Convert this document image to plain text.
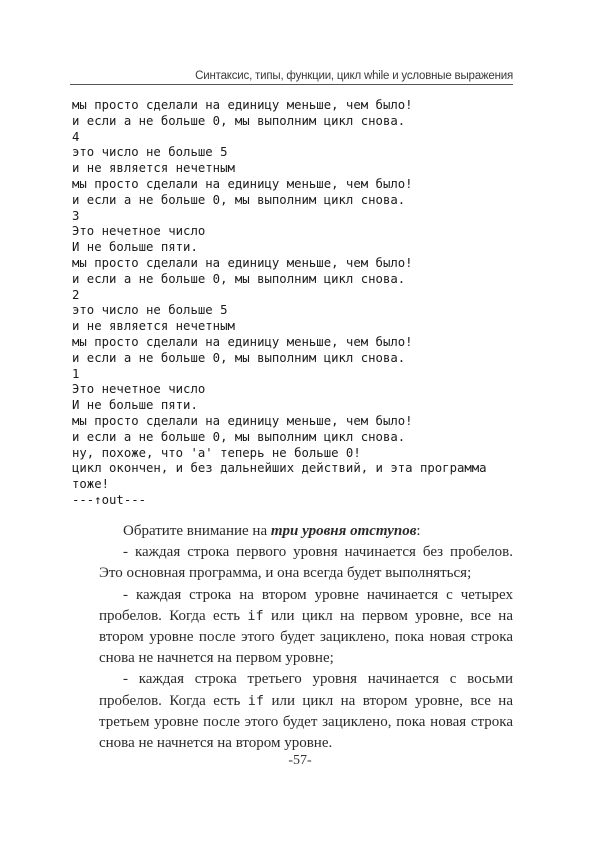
Синтаксис, типы, функции, цикл while и условные выражения
мы просто сделали на единицу меньше, чем было!
и если a не больше 0, мы выполним цикл снова.
4
это число не больше 5
и не является нечетным
мы просто сделали на единицу меньше, чем было!
и если a не больше 0, мы выполним цикл снова.
3
Это нечетное число
И не больше пяти.
мы просто сделали на единицу меньше, чем было!
и если a не больше 0, мы выполним цикл снова.
2
это число не больше 5
и не является нечетным
мы просто сделали на единицу меньше, чем было!
и если a не больше 0, мы выполним цикл снова.
1
Это нечетное число
И не больше пяти.
мы просто сделали на единицу меньше, чем было!
и если a не больше 0, мы выполним цикл снова.
ну, похоже, что 'a' теперь не больше 0!
цикл окончен, и без дальнейших действий, и эта программа
тоже!
---↑out---

Обратите внимание на три уровня отступов:

- каждая строка первого уровня начинается без пробелов. Это основная программа, и она всегда будет выполняться;

- каждая строка на втором уровне начинается с четырех пробелов. Когда есть if или цикл на первом уровне, все на втором уровне после этого будет зациклено, пока новая строка снова не начнется на первом уровне;

- каждая строка третьего уровня начинается с восьми пробелов. Когда есть if или цикл на втором уровне, все на третьем уровне после этого будет зациклено, пока новая строка снова не начнется на втором уровне.

-57-
